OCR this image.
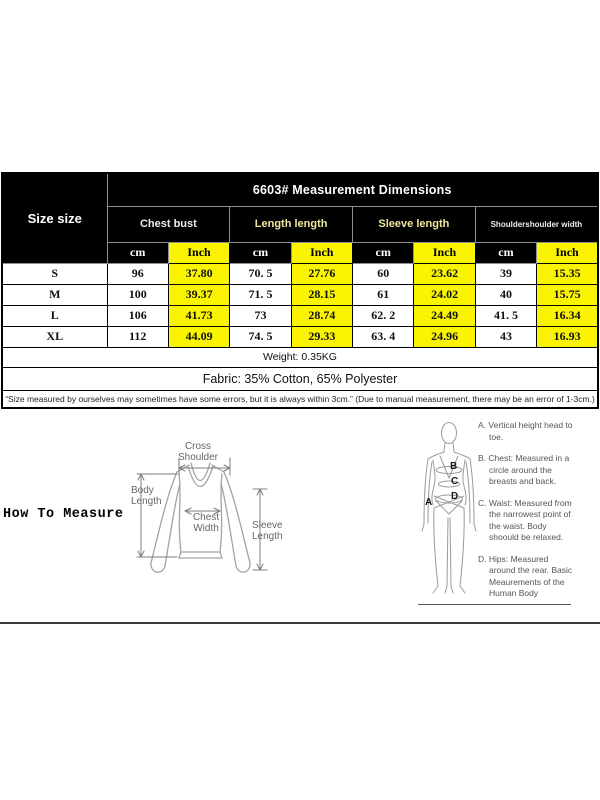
Size size	6603# Measurement Dimensions							
	Chest bust		Length length		Sleeve length		Shouldershoulder width	
	cm	Inch	cm	Inch	cm	Inch	cm	Inch
S	96	37.80	70. 5	27.76	60	23.62	39	15.35
M	100	39.37	71. 5	28.15	61	24.02	40	15.75
L	106	41.73	73	28.74	62. 2	24.49	41. 5	16.34
XL	112	44.09	74. 5	29.33	63. 4	24.96	43	16.93
Weight: 0.35KG								
Fabric: 35% Cotton, 65% Polyester								
“Size measured by ourselves may sometimes have some errors, but it is always within 3cm.” (Due to manual measurement, there may be an error of 1-3cm.)								
How To Measure
Cross Shoulder
Body Length
Chest Width	Sleeve Length
A
B
C
D
A. Vertical height head to toe.
B. Chest: Measured in a circle around the breasts and back.
C. Waist: Measured from the narrowest point of the waist. Body shoould be relaxed.
D. Hips: Measured around the rear. Basic Meaurements of the Human Body
